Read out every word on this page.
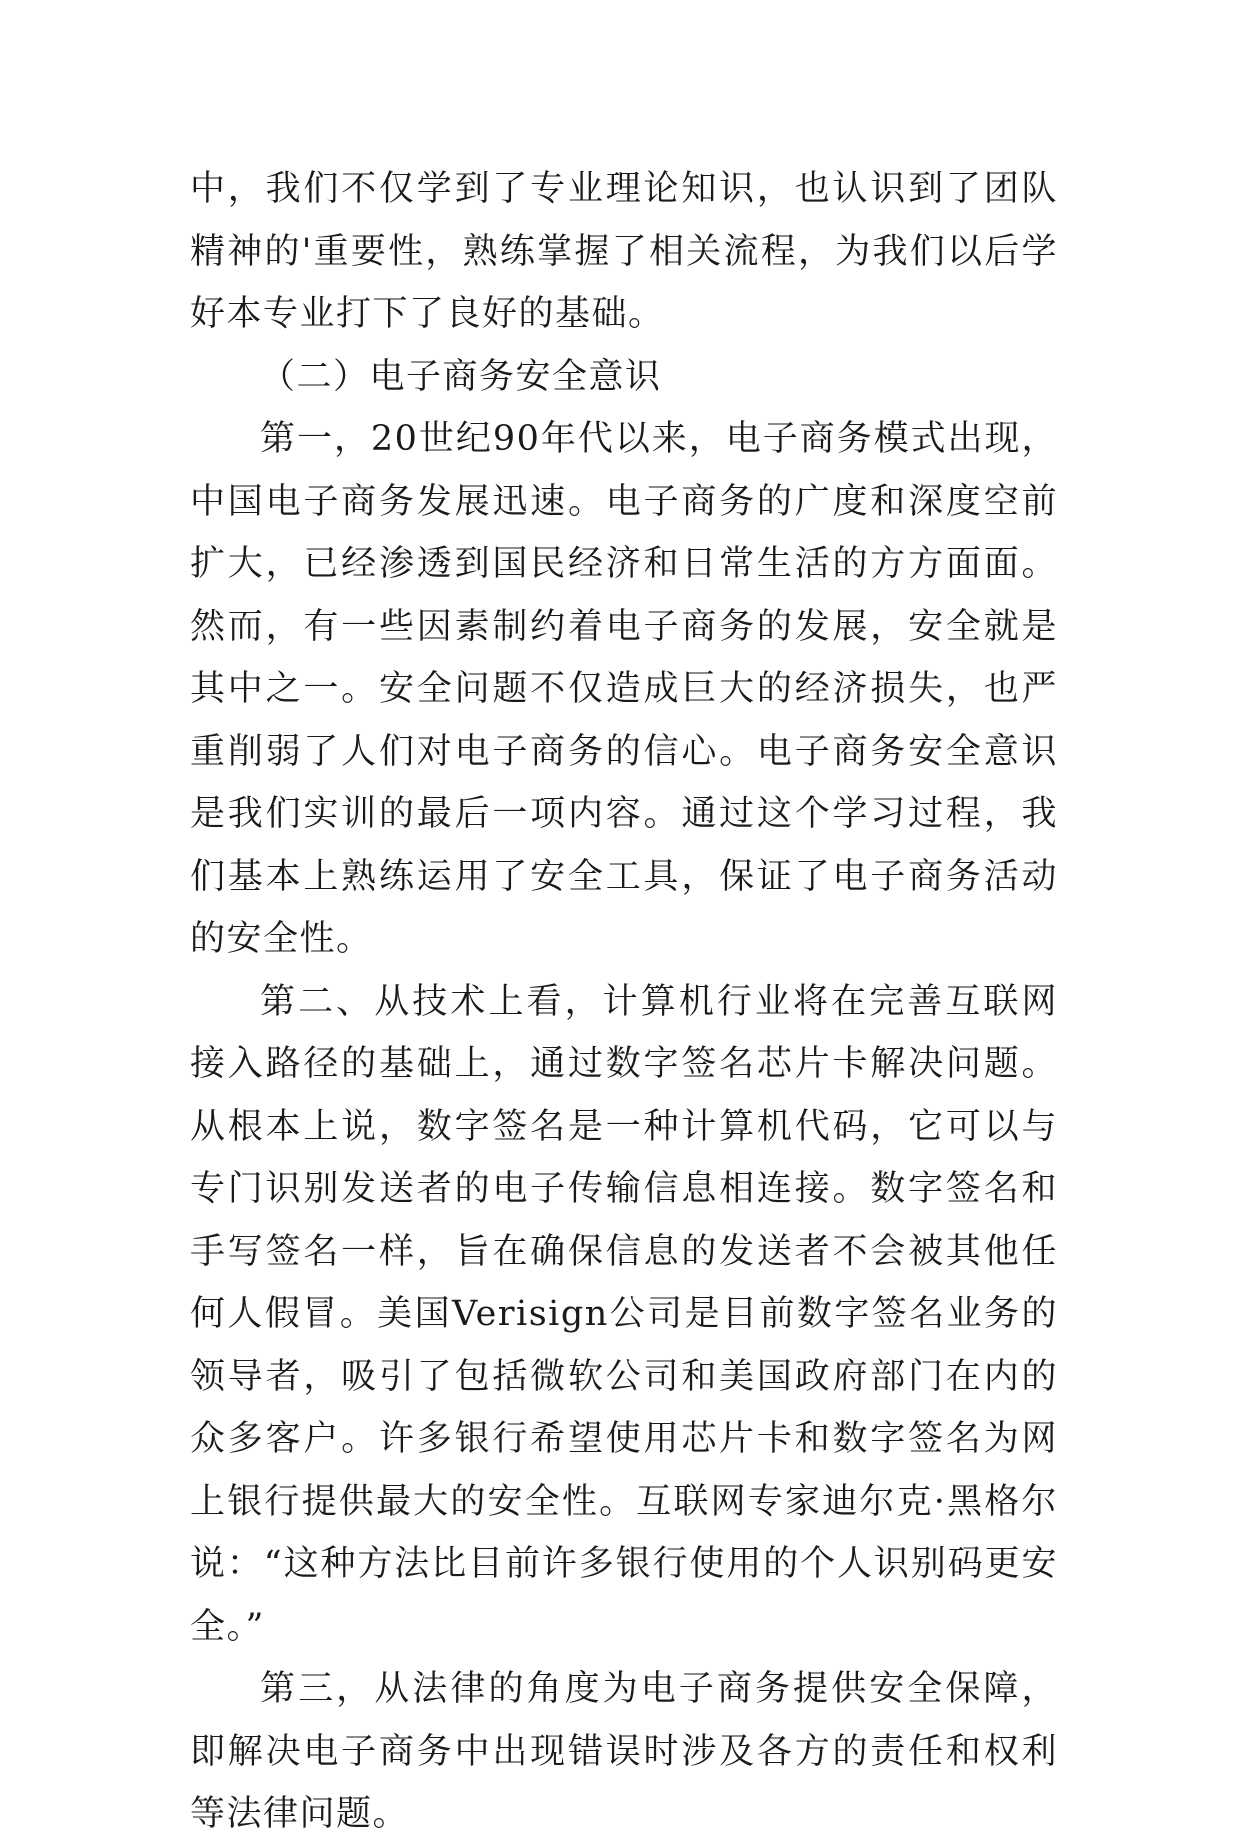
中，我们不仅学到了专业理论知识，也认识到了团队精神的'重要性，熟练掌握了相关流程，为我们以后学好本专业打下了良好的基础。

（二）电子商务安全意识

第一，20世纪90年代以来，电子商务模式出现，中国电子商务发展迅速。电子商务的广度和深度空前扩大，已经渗透到国民经济和日常生活的方方面面。然而，有一些因素制约着电子商务的发展，安全就是其中之一。安全问题不仅造成巨大的经济损失，也严重削弱了人们对电子商务的信心。电子商务安全意识是我们实训的最后一项内容。通过这个学习过程，我们基本上熟练运用了安全工具，保证了电子商务活动的安全性。

第二、从技术上看，计算机行业将在完善互联网接入路径的基础上，通过数字签名芯片卡解决问题。从根本上说，数字签名是一种计算机代码，它可以与专门识别发送者的电子传输信息相连接。数字签名和手写签名一样，旨在确保信息的发送者不会被其他任何人假冒。美国Verisign公司是目前数字签名业务的领导者，吸引了包括微软公司和美国政府部门在内的众多客户。许多银行希望使用芯片卡和数字签名为网上银行提供最大的安全性。互联网专家迪尔克·黑格尔说：“这种方法比目前许多银行使用的个人识别码更安全。”

第三，从法律的角度为电子商务提供安全保障，即解决电子商务中出现错误时涉及各方的责任和权利等法律问题。
